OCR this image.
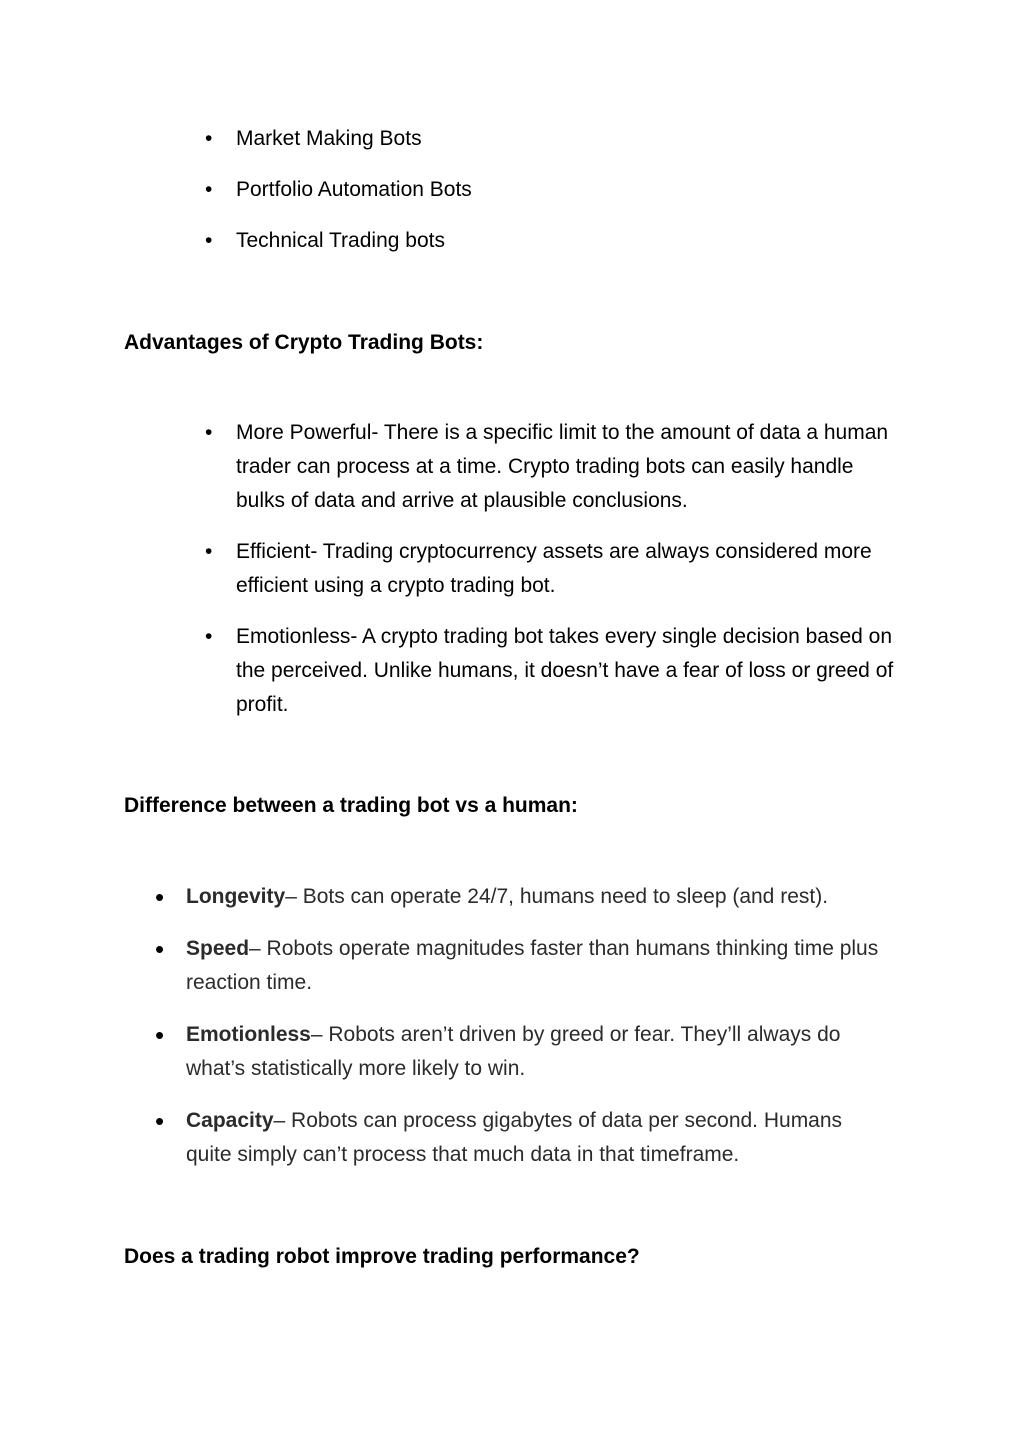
• Market Making Bots
• Portfolio Automation Bots
• Technical Trading bots
Advantages of Crypto Trading Bots:
• More Powerful- There is a specific limit to the amount of data a human trader can process at a time. Crypto trading bots can easily handle bulks of data and arrive at plausible conclusions.
• Efficient- Trading cryptocurrency assets are always considered more efficient using a crypto trading bot.
• Emotionless- A crypto trading bot takes every single decision based on the perceived. Unlike humans, it doesn’t have a fear of loss or greed of profit.
Difference between a trading bot vs a human:
• Longevity– Bots can operate 24/7, humans need to sleep (and rest).
• Speed– Robots operate magnitudes faster than humans thinking time plus reaction time.
• Emotionless– Robots aren’t driven by greed or fear. They’ll always do what’s statistically more likely to win.
• Capacity– Robots can process gigabytes of data per second. Humans quite simply can’t process that much data in that timeframe.
Does a trading robot improve trading performance?
